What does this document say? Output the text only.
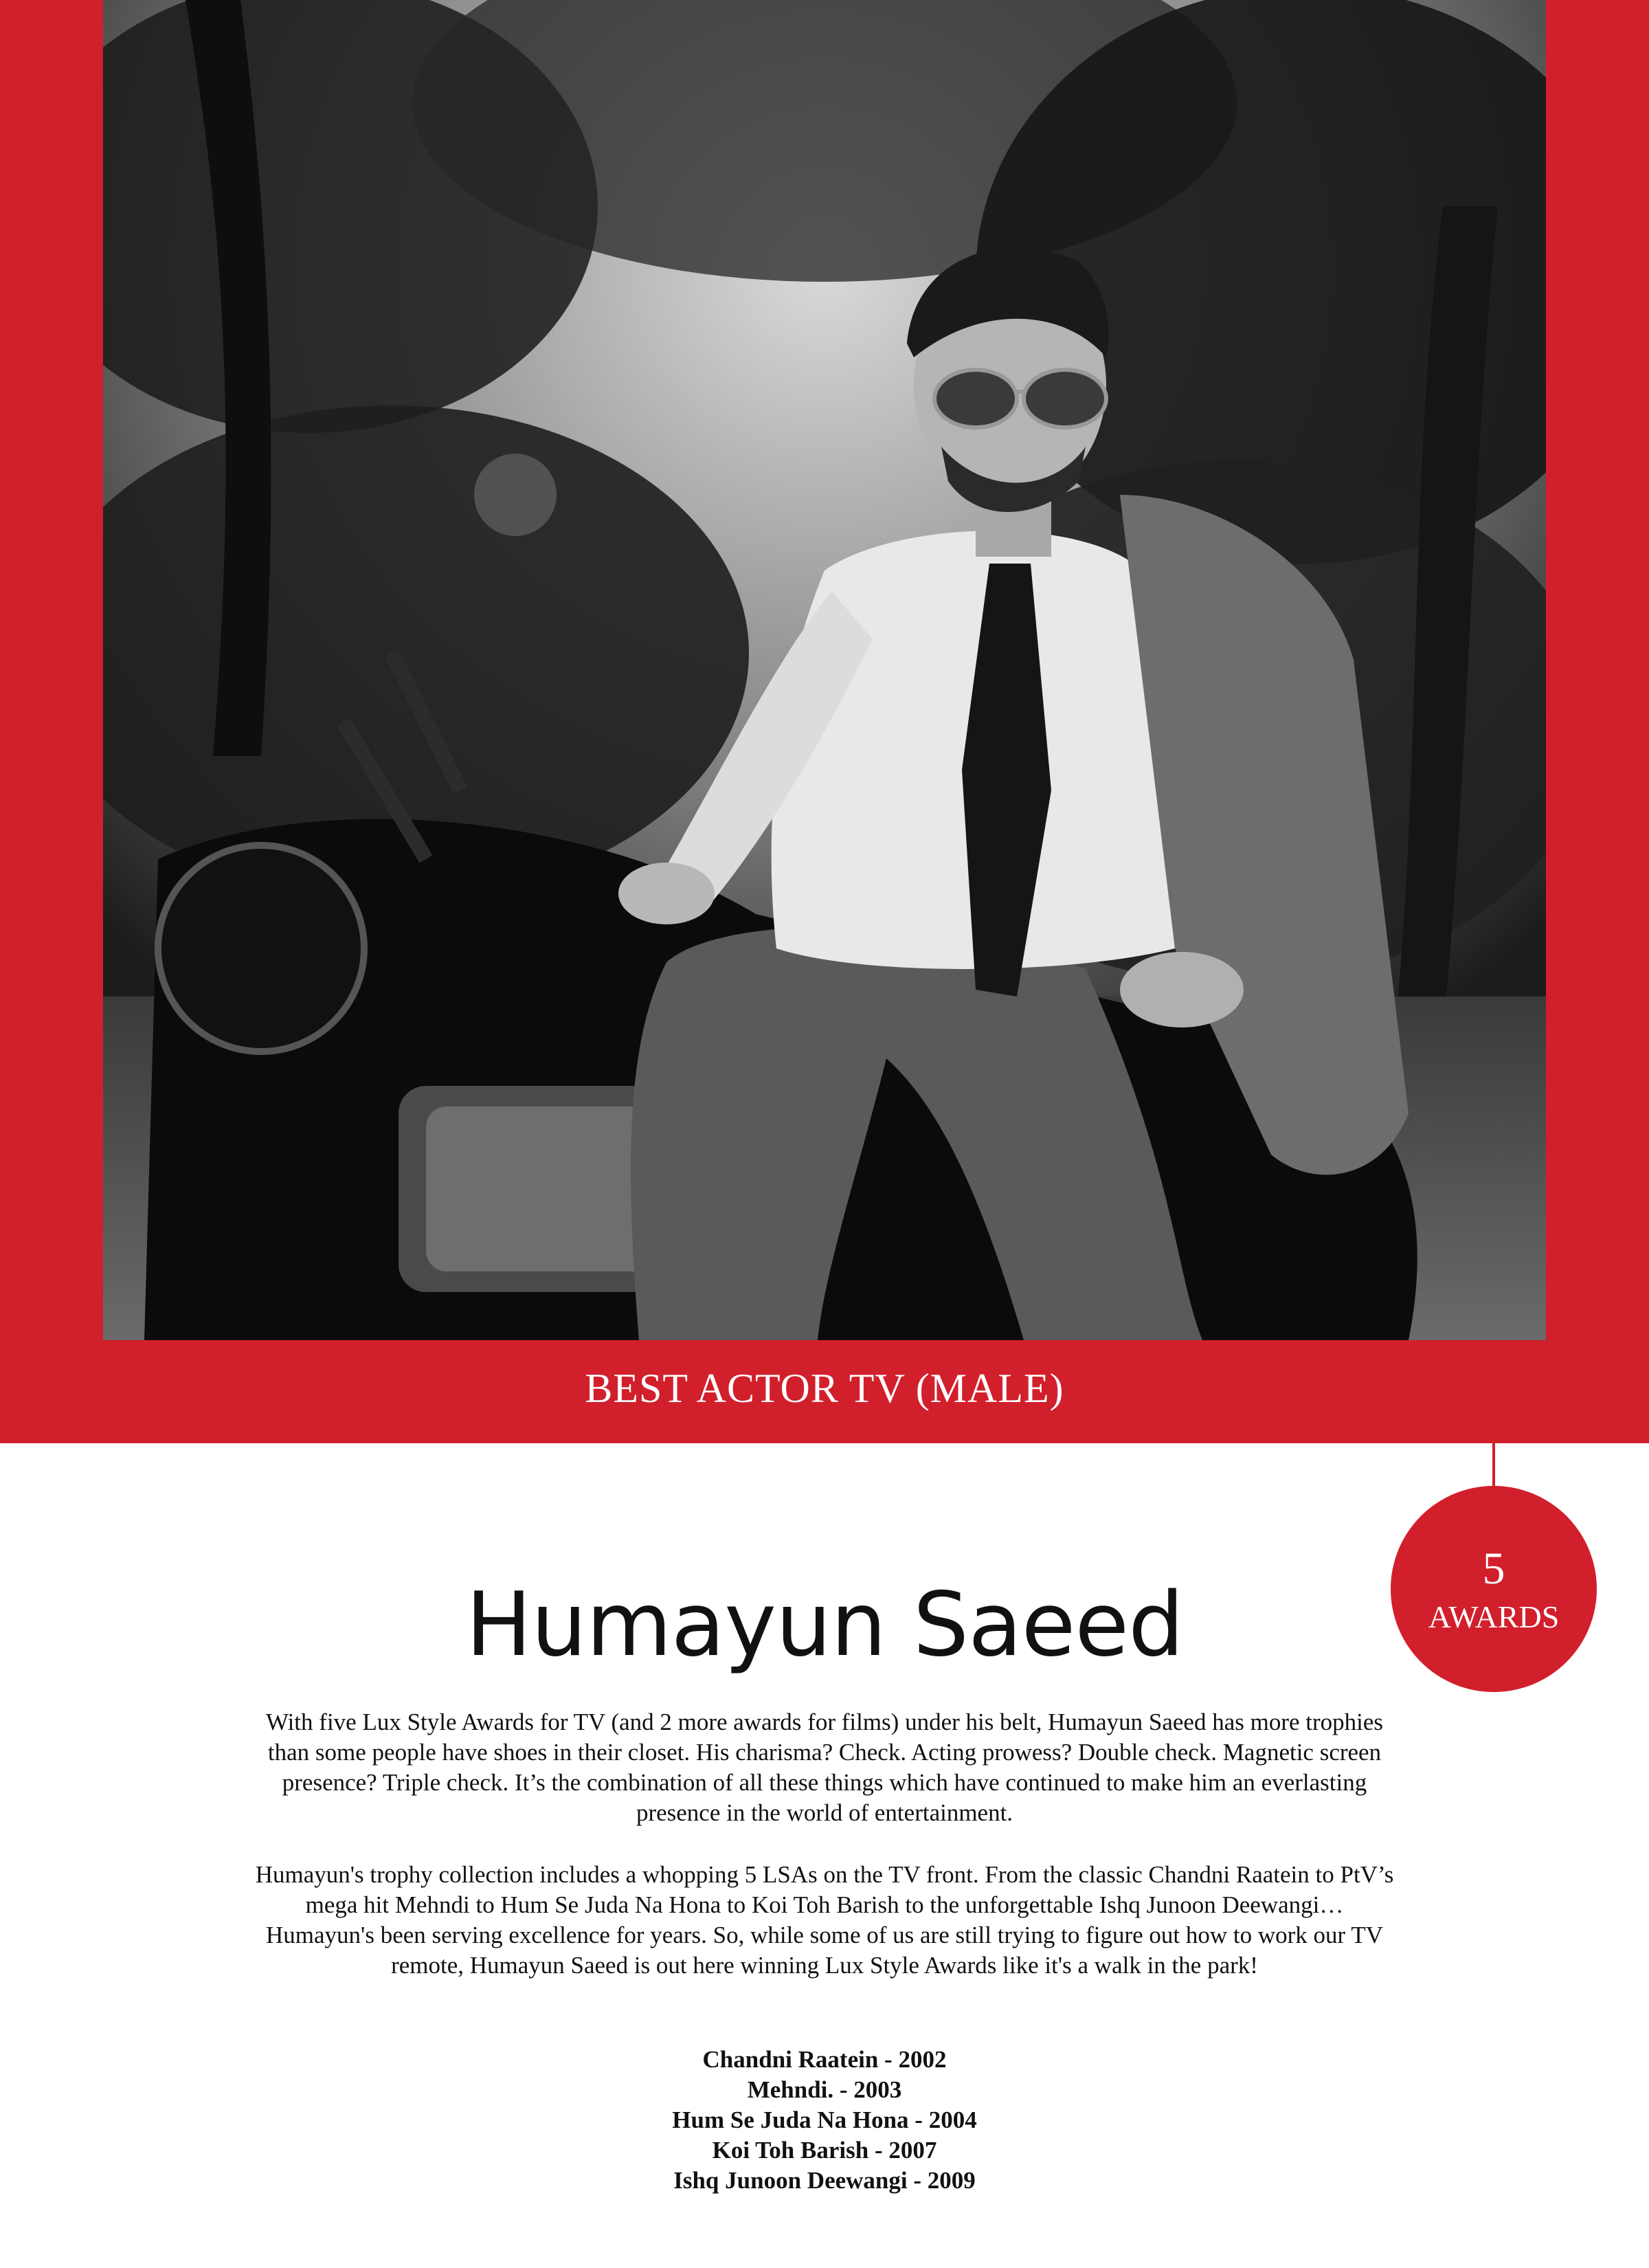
BEST ACTOR TV (MALE)
5
AWARDS
Humayun Saeed

With five Lux Style Awards for TV (and 2 more awards for films) under his belt, Humayun Saeed has more trophies than some people have shoes in their closet. His charisma? Check. Acting prowess? Double check. Magnetic screen presence? Triple check. It’s the combination of all these things which have continued to make him an everlasting presence in the world of entertainment.

Humayun's trophy collection includes a whopping 5 LSAs on the TV front. From the classic Chandni Raatein to PtV’s mega hit Mehndi to Hum Se Juda Na Hona to Koi Toh Barish to the unforgettable Ishq Junoon Deewangi… Humayun's been serving excellence for years. So, while some of us are still trying to figure out how to work our TV remote, Humayun Saeed is out here winning Lux Style Awards like it's a walk in the park!

Chandni Raatein - 2002
Mehndi. - 2003
Hum Se Juda Na Hona - 2004
Koi Toh Barish - 2007
Ishq Junoon Deewangi - 2009
